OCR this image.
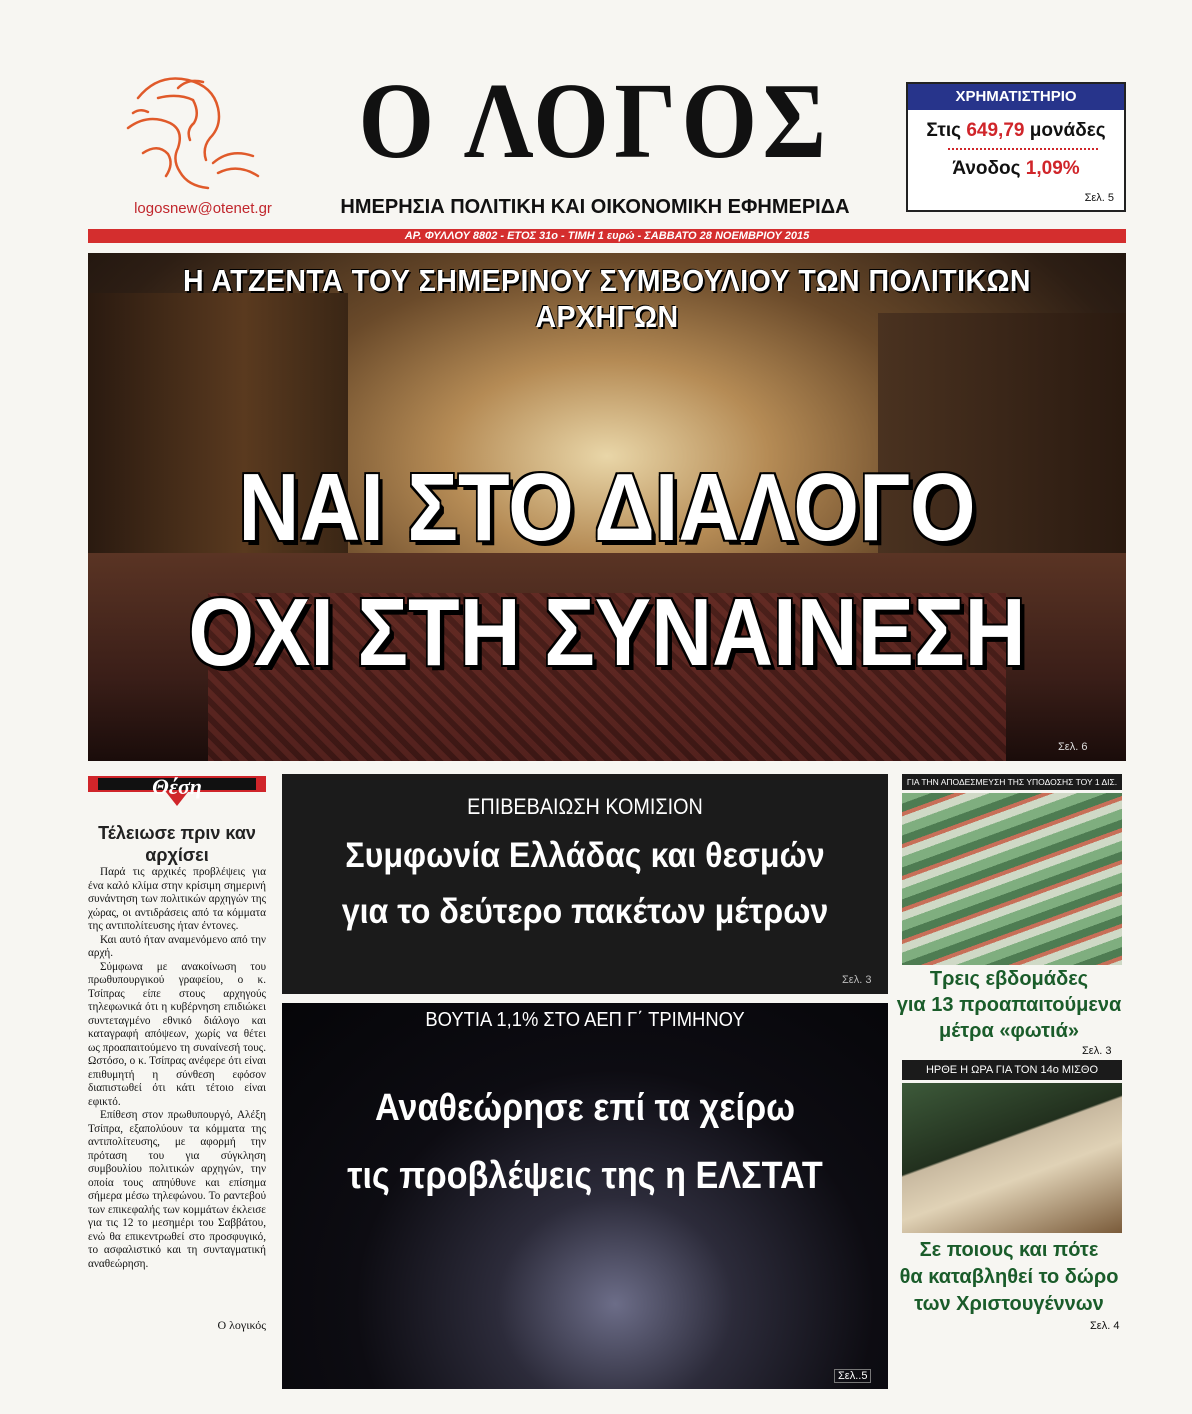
logosnew@otenet.gr
Ο ΛΟΓΟΣ
ΗΜΕΡΗΣΙΑ ΠΟΛΙΤΙΚΗ ΚΑΙ ΟΙΚΟΝΟΜΙΚΗ ΕΦΗΜΕΡΙΔΑ
ΑΡ. ΦΥΛΛΟΥ 8802 - ΕΤΟΣ 31ο - ΤΙΜΗ 1 ευρώ - ΣΑΒΒΑΤΟ 28 ΝΟΕΜΒΡΙΟΥ 2015
ΧΡΗΜΑΤΙΣΤΗΡΙΟ
Στις 649,79 μονάδες
Άνοδος 1,09%
Σελ. 5
Η ΑΤΖΕΝΤΑ ΤΟΥ ΣΗΜΕΡΙΝΟΥ ΣΥΜΒΟΥΛΙΟΥ ΤΩΝ ΠΟΛΙΤΙΚΩΝ ΑΡΧΗΓΩΝ
ΝΑΙ ΣΤΟ ΔΙΑΛΟΓΟ
ΟΧΙ ΣΤΗ ΣΥΝΑΙΝΕΣΗ
Σελ. 6
Θέση
Τέλειωσε πριν καν αρχίσει

Παρά τις αρχικές προβλέψεις για ένα καλό κλίμα στην κρίσιμη σημερινή συνάντηση των πολιτικών αρχηγών της χώρας, οι αντιδράσεις από τα κόμματα της αντιπολίτευσης ήταν έντονες.

Και αυτό ήταν αναμενόμενο από την αρχή.

Σύμφωνα με ανακοίνωση του πρωθυπουργικού γραφείου, ο κ. Τσίπρας είπε στους αρχηγούς τηλεφωνικά ότι η κυβέρνηση επιδιώκει συντεταγμένο εθνικό διάλογο και καταγραφή απόψεων, χωρίς να θέτει ως προαπαιτούμενο τη συναίνεσή τους. Ωστόσο, ο κ. Τσίπρας ανέφερε ότι είναι επιθυμητή η σύνθεση εφόσον διαπιστωθεί ότι κάτι τέτοιο είναι εφικτό.

Επίθεση στον πρωθυπουργό, Αλέξη Τσίπρα, εξαπολύουν τα κόμματα της αντιπολίτευσης, με αφορμή την πρόταση του για σύγκληση συμβουλίου πολιτικών αρχηγών, την οποία τους απηύθυνε και επίσημα σήμερα μέσω τηλεφώνου. Το ραντεβού των επικεφαλής των κομμάτων έκλεισε για τις 12 το μεσημέρι του Σαββάτου, ενώ θα επικεντρωθεί στο προσφυγικό, το ασφαλιστικό και τη συνταγματική αναθεώρηση.

Ο λογικός
ΕΠΙΒΕΒΑΙΩΣΗ ΚΟΜΙΣΙΟΝ
Συμφωνία Ελλάδας και θεσμών
για το δεύτερο πακέτων μέτρων
Σελ. 3
ΒΟΥΤΙΑ 1,1% ΣΤΟ ΑΕΠ Γ΄ ΤΡΙΜΗΝΟΥ
Αναθεώρησε επί τα χείρω
τις προβλέψεις της η ΕΛΣΤΑΤ
Σελ..5
ΓΙΑ ΤΗΝ ΑΠΟΔΕΣΜΕΥΣΗ ΤΗΣ ΥΠΟΔΟΣΗΣ ΤΟΥ 1 ΔΙΣ.
Τρεις εβδομάδες
για 13 προαπαιτούμενα
μέτρα «φωτιά»
Σελ. 3
ΗΡΘΕ Η ΩΡΑ ΓΙΑ ΤΟΝ 14ο ΜΙΣΘΟ
Σε ποιους και πότε
θα καταβληθεί το δώρο
των Χριστουγέννων
Σελ. 4
